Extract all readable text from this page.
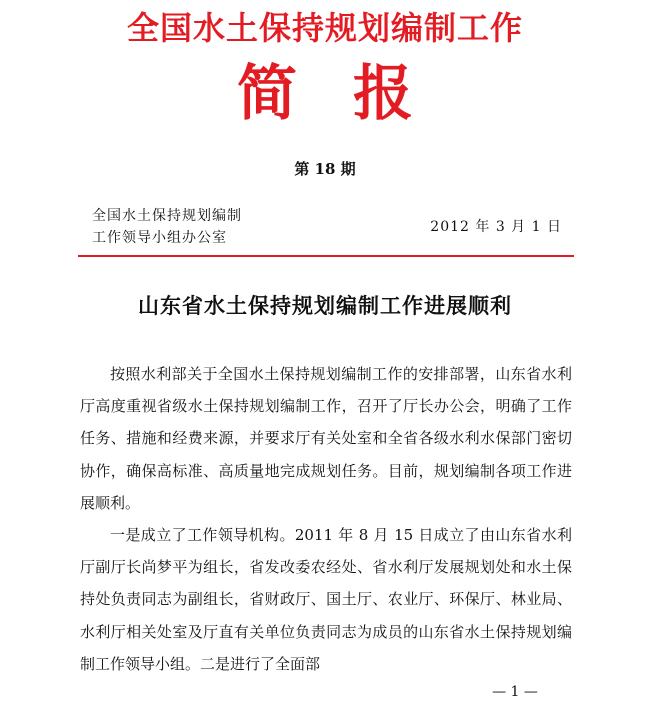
全国水土保持规划编制工作
简 报
第 18 期
全国水土保持规划编制
工作领导小组办公室
2012 年 3 月 1 日
山东省水土保持规划编制工作进展顺利

按照水利部关于全国水土保持规划编制工作的安排部署，山东省水利厅高度重视省级水土保持规划编制工作，召开了厅长办公会，明确了工作任务、措施和经费来源，并要求厅有关处室和全省各级水利水保部门密切协作，确保高标准、高质量地完成规划任务。目前，规划编制各项工作进展顺利。

一是成立了工作领导机构。2011 年 8 月 15 日成立了由山东省水利厅副厅长尚梦平为组长，省发改委农经处、省水利厅发展规划处和水土保持处负责同志为副组长，省财政厅、国土厅、农业厅、环保厅、林业局、水利厅相关处室及厅直有关单位负责同志为成员的山东省水土保持规划编制工作领导小组。二是进行了全面部

— 1 —
